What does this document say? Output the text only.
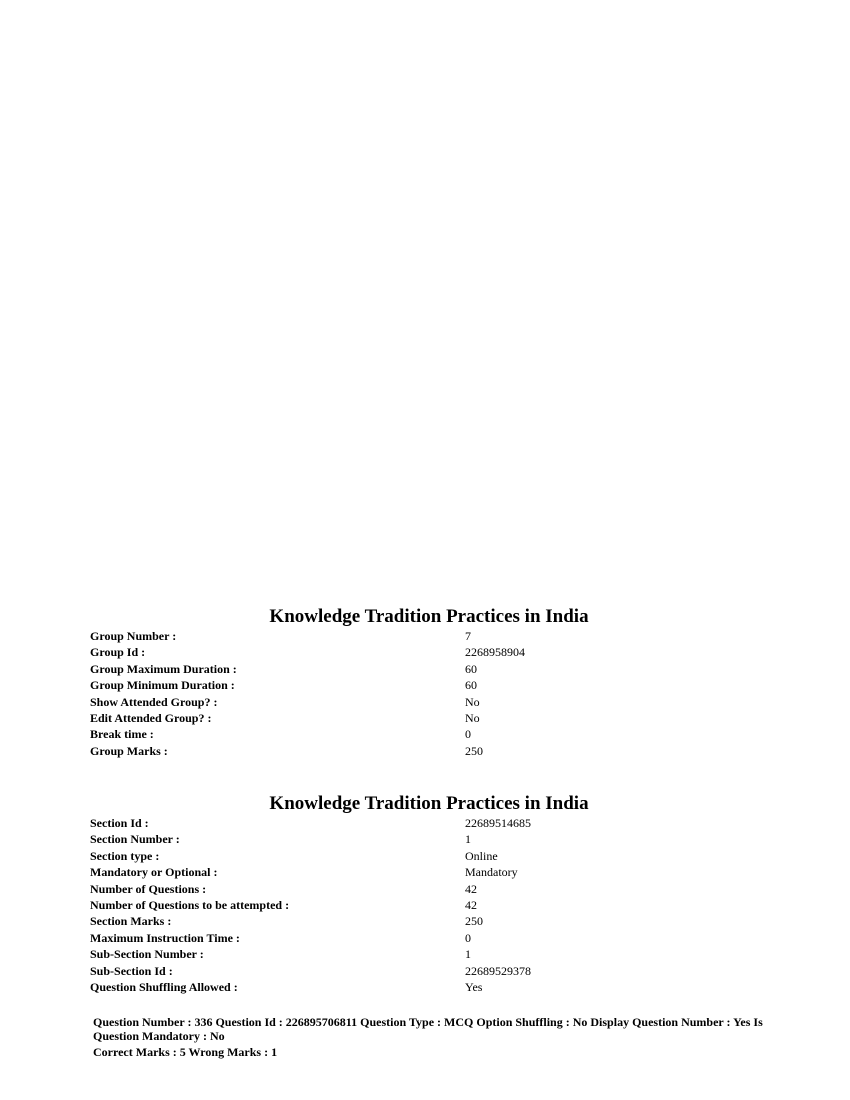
Knowledge Tradition Practices in India
Group Number :	7
Group Id :	2268958904
Group Maximum Duration :	60
Group Minimum Duration :	60
Show Attended Group? :	No
Edit Attended Group? :	No
Break time :	0
Group Marks :	250
Knowledge Tradition Practices in India
Section Id :	22689514685
Section Number :	1
Section type :	Online
Mandatory or Optional :	Mandatory
Number of Questions :	42
Number of Questions to be attempted :	42
Section Marks :	250
Maximum Instruction Time :	0
Sub-Section Number :	1
Sub-Section Id :	22689529378
Question Shuffling Allowed :	Yes

Question Number : 336 Question Id : 226895706811 Question Type : MCQ Option Shuffling : No Display Question Number : Yes Is Question Mandatory : No

Correct Marks : 5 Wrong Marks : 1
